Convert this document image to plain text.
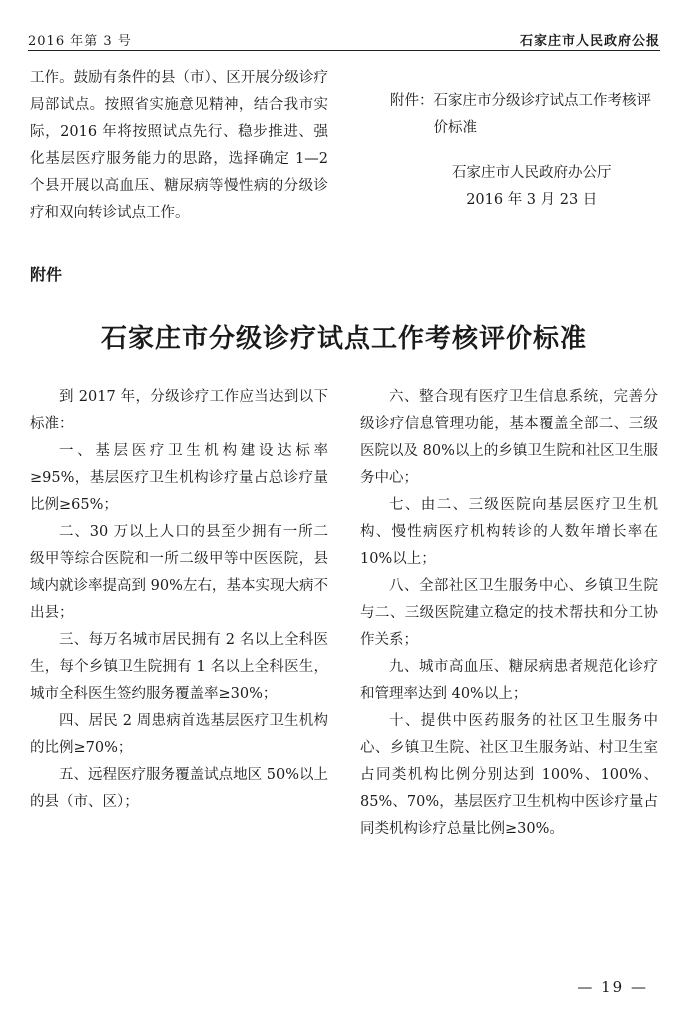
2016 年第 3 号	石家庄市人民政府公报

工作。鼓励有条件的县（市）、区开展分级诊疗局部试点。按照省实施意见精神，结合我市实际，2016 年将按照试点先行、稳步推进、强化基层医疗服务能力的思路，选择确定 1—2 个县开展以高血压、糖尿病等慢性病的分级诊疗和双向转诊试点工作。

附件： 石家庄市分级诊疗试点工作考核评价标准
石家庄市人民政府办公厅
2016 年 3 月 23 日
附件
石家庄市分级诊疗试点工作考核评价标准

到 2017 年，分级诊疗工作应当达到以下标准：

一、基层医疗卫生机构建设达标率≥95%，基层医疗卫生机构诊疗量占总诊疗量比例≥65%；

二、30 万以上人口的县至少拥有一所二级甲等综合医院和一所二级甲等中医医院，县域内就诊率提高到 90%左右，基本实现大病不出县；

三、每万名城市居民拥有 2 名以上全科医生，每个乡镇卫生院拥有 1 名以上全科医生，城市全科医生签约服务覆盖率≥30%；

四、居民 2 周患病首选基层医疗卫生机构的比例≥70%；

五、远程医疗服务覆盖试点地区 50%以上的县（市、区）；

六、整合现有医疗卫生信息系统，完善分级诊疗信息管理功能，基本覆盖全部二、三级医院以及 80%以上的乡镇卫生院和社区卫生服务中心；

七、由二、三级医院向基层医疗卫生机构、慢性病医疗机构转诊的人数年增长率在 10%以上；

八、全部社区卫生服务中心、乡镇卫生院与二、三级医院建立稳定的技术帮扶和分工协作关系；

九、城市高血压、糖尿病患者规范化诊疗和管理率达到 40%以上；

十、提供中医药服务的社区卫生服务中心、乡镇卫生院、社区卫生服务站、村卫生室占同类机构比例分别达到 100%、100%、85%、70%，基层医疗卫生机构中医诊疗量占同类机构诊疗总量比例≥30%。

— 19 —
